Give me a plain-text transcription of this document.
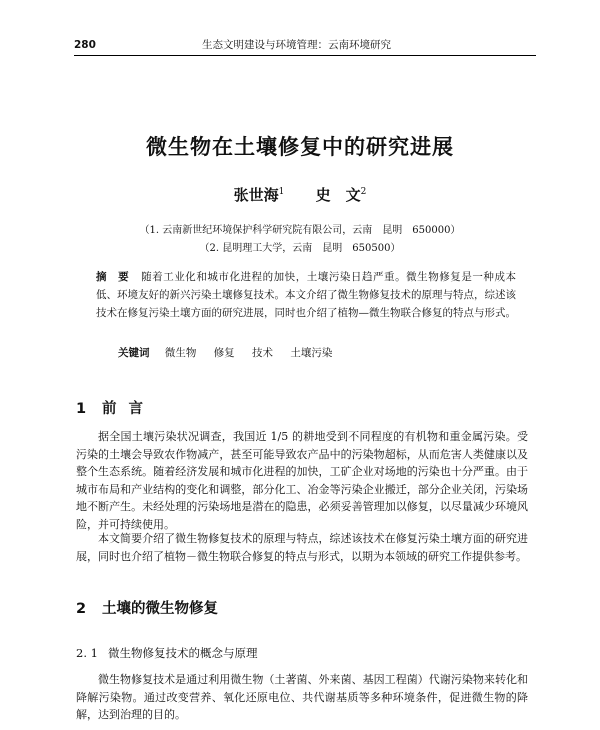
280	生态文明建设与环境管理：云南环境研究
微生物在土壤修复中的研究进展
张世海$^1$ 史　文$^2$
（1. 云南新世纪环境保护科学研究院有限公司，云南　昆明　650000）
（2. 昆明理工大学，云南　昆明　650500）
摘　要 随着工业化和城市化进程的加快，土壤污染日趋严重。微生物修复是一种成本低、环境友好的新兴污染土壤修复技术。本文介绍了微生物修复技术的原理与特点，综述该技术在修复污染土壤方面的研究进展，同时也介绍了植物—微生物联合修复的特点与形式。
关键词 微生物 修复 技术 土壤污染
1 前言

据全国土壤污染状况调查，我国近 1/5 的耕地受到不同程度的有机物和重金属污染。受污染的土壤会导致农作物减产，甚至可能导致农产品中的污染物超标，从而危害人类健康以及整个生态系统。随着经济发展和城市化进程的加快，工矿企业对场地的污染也十分严重。由于城市布局和产业结构的变化和调整，部分化工、冶金等污染企业搬迁，部分企业关闭，污染场地不断产生。未经处理的污染场地是潜在的隐患，必须妥善管理加以修复，以尽量减少环境风险，并可持续使用。

本文简要介绍了微生物修复技术的原理与特点，综述该技术在修复污染土壤方面的研究进展，同时也介绍了植物－微生物联合修复的特点与形式，以期为本领域的研究工作提供参考。

2 土壤的微生物修复
2. 1 微生物修复技术的概念与原理

微生物修复技术是通过利用微生物（土著菌、外来菌、基因工程菌）代谢污染物来转化和降解污染物。通过改变营养、氧化还原电位、共代谢基质等多种环境条件，促进微生物的降解，达到治理的目的。
